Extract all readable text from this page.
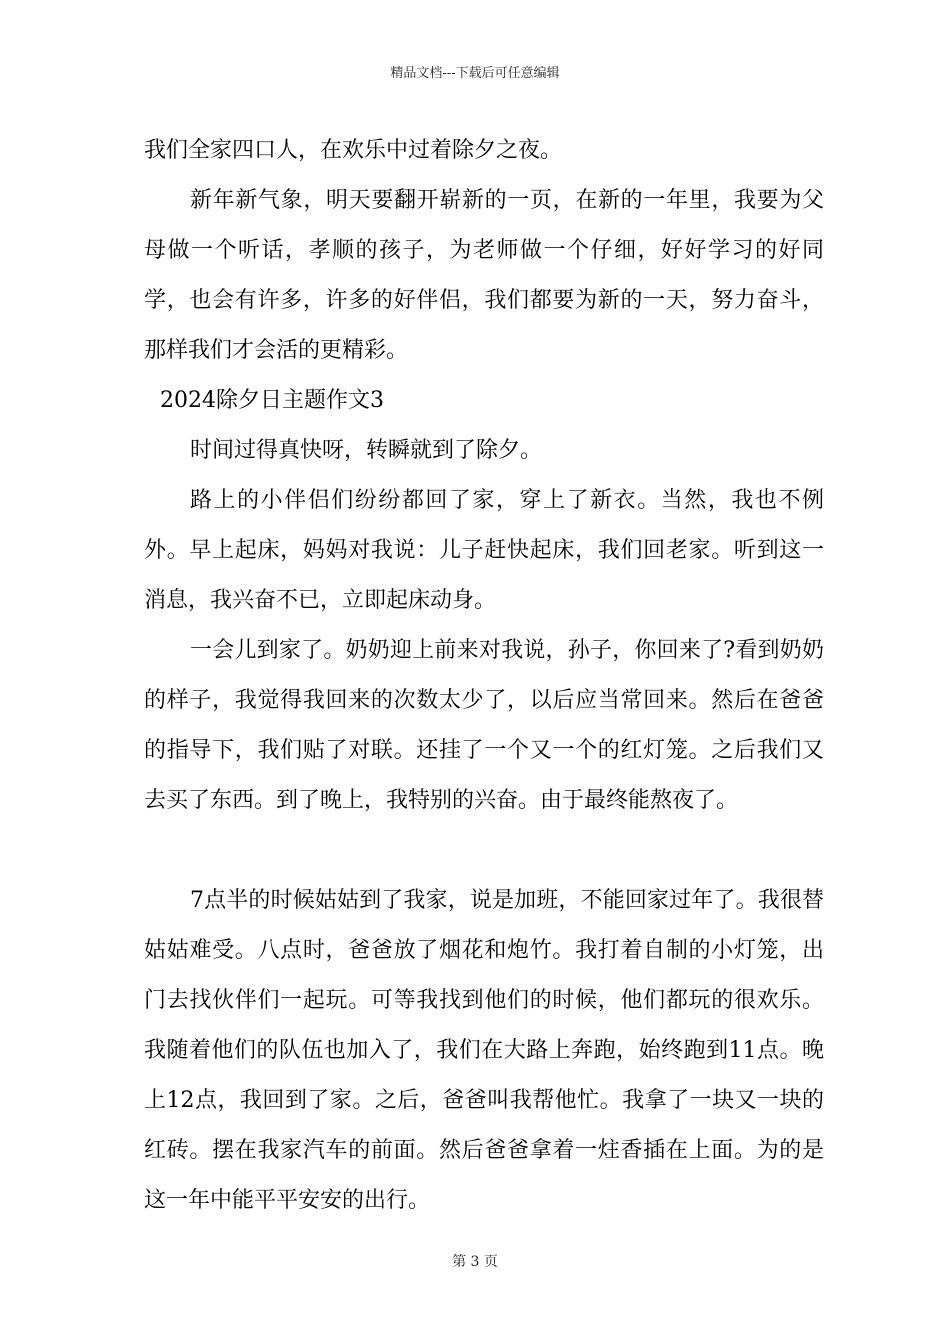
精品文档---下载后可任意编辑

我们全家四口人，在欢乐中过着除夕之夜。

新年新气象，明天要翻开崭新的一页，在新的一年里，我要为父母做一个听话，孝顺的孩子，为老师做一个仔细，好好学习的好同学，也会有许多，许多的好伴侣，我们都要为新的一天，努力奋斗，那样我们才会活的更精彩。

2024除夕日主题作文3

时间过得真快呀，转瞬就到了除夕。

路上的小伴侣们纷纷都回了家，穿上了新衣。当然，我也不例外。早上起床，妈妈对我说：儿子赶快起床，我们回老家。听到这一消息，我兴奋不已，立即起床动身。

一会儿到家了。奶奶迎上前来对我说，孙子，你回来了?看到奶奶的样子，我觉得我回来的次数太少了，以后应当常回来。然后在爸爸的指导下，我们贴了对联。还挂了一个又一个的红灯笼。之后我们又去买了东西。到了晚上，我特别的兴奋。由于最终能熬夜了。

7点半的时候姑姑到了我家，说是加班，不能回家过年了。我很替姑姑难受。八点时，爸爸放了烟花和炮竹。我打着自制的小灯笼，出门去找伙伴们一起玩。可等我找到他们的时候，他们都玩的很欢乐。我随着他们的队伍也加入了，我们在大路上奔跑，始终跑到11点。晚上12点，我回到了家。之后，爸爸叫我帮他忙。我拿了一块又一块的红砖。摆在我家汽车的前面。然后爸爸拿着一炷香插在上面。为的是这一年中能平平安安的出行。

第 3 页
